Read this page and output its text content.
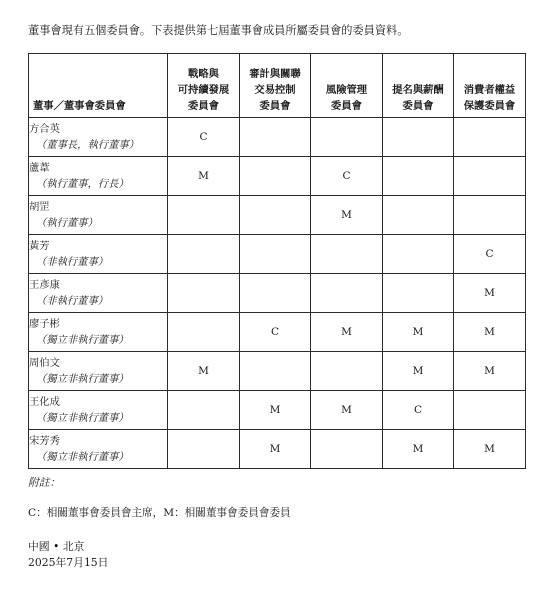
董事會現有五個委員會。下表提供第七屆董事會成員所屬委員會的委員資料。
董事／董事會委員會	戰略與
可持續發展
委員會	審計與關聯
交易控制
委員會	風險管理
委員會	提名與薪酬
委員會	消費者權益
保護委員會

方合英
（董事長，執行董事）	C				

蘆葦
（執行董事，行長）	M		C		

胡罡
（執行董事）			M		

黃芳
（非執行董事）					C

王彥康
（非執行董事）					M

廖子彬
（獨立非執行董事）		C	M	M	M

周伯文
（獨立非執行董事）	M			M	M

王化成
（獨立非執行董事）		M	M	C	

宋芳秀
（獨立非執行董事）		M		M	M
附註：
C：相關董事會委員會主席，M：相關董事會委員會委員
中國 • 北京
2025年7月15日
